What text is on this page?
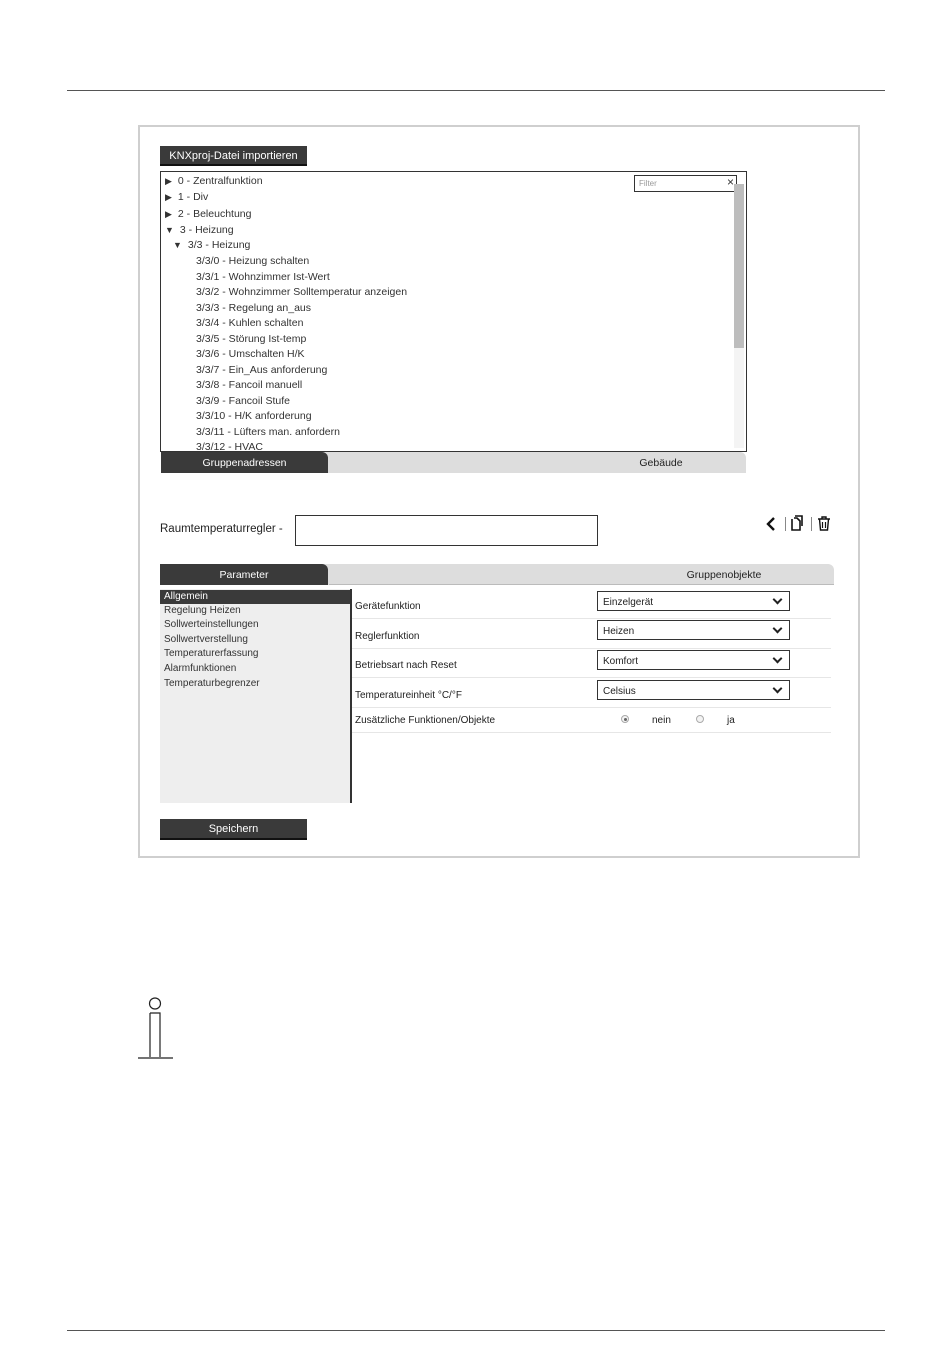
KNXproj-Datei importieren
▶ 0 - Zentralfunktion
▶ 1 - Div
▶ 2 - Beleuchtung
▼ 3 - Heizung
▼ 3/3 - Heizung
3/3/0 - Heizung schalten
3/3/1 - Wohnzimmer Ist-Wert
3/3/2 - Wohnzimmer Solltemperatur anzeigen
3/3/3 - Regelung an_aus
3/3/4 - Kuhlen schalten
3/3/5 - Störung Ist-temp
3/3/6 - Umschalten H/K
3/3/7 - Ein_Aus anforderung
3/3/8 - Fancoil manuell
3/3/9 - Fancoil Stufe
3/3/10 - H/K anforderung
3/3/11 - Lüfters man. anfordern
3/3/12 - HVAC
Filter	×
Gruppenadressen	Gebäude
Raumtemperaturregler -
Parameter	Gruppenobjekte
Allgemein
Regelung Heizen
Sollwerteinstellungen
Sollwertverstellung
Temperaturerfassung
Alarmfunktionen
Temperaturbegrenzer
Gerätefunktion	Einzelgerät
Reglerfunktion	Heizen
Betriebsart nach Reset	Komfort
Temperatureinheit °C/°F	Celsius
Zusätzliche Funktionen/Objekte	nein	ja
Speichern
